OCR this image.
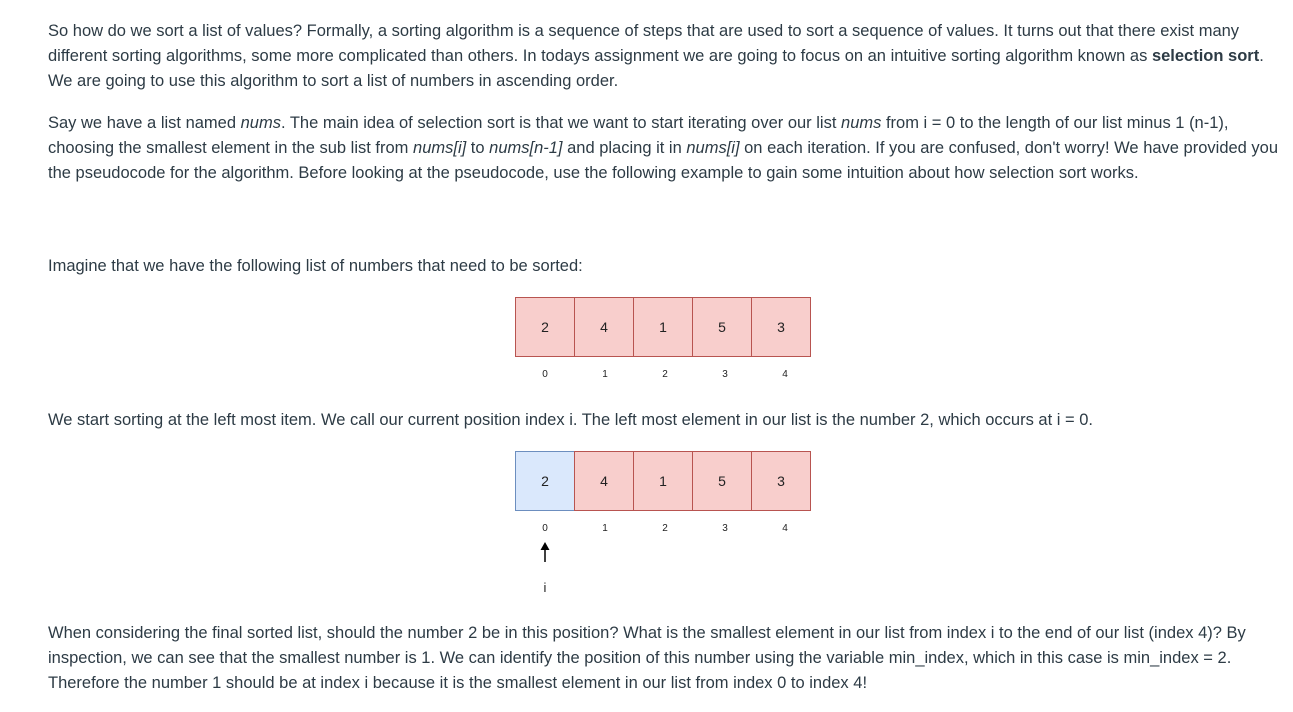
So how do we sort a list of values? Formally, a sorting algorithm is a sequence of steps that are used to sort a sequence of values. It turns out that there exist many different sorting algorithms, some more complicated than others. In todays assignment we are going to focus on an intuitive sorting algorithm known as selection sort. We are going to use this algorithm to sort a list of numbers in ascending order.

Say we have a list named nums. The main idea of selection sort is that we want to start iterating over our list nums from i = 0 to the length of our list minus 1 (n-1), choosing the smallest element in the sub list from nums[i] to nums[n-1] and placing it in nums[i] on each iteration. If you are confused, don't worry! We have provided you the pseudocode for the algorithm. Before looking at the pseudocode, use the following example to gain some intuition about how selection sort works.

Imagine that we have the following list of numbers that need to be sorted:

2	4	1	5	3
0	1	2	3	4

We start sorting at the left most item. We call our current position index i. The left most element in our list is the number 2, which occurs at i = 0.

2	4	1	5	3
0	1	2	3	4
i

When considering the final sorted list, should the number 2 be in this position? What is the smallest element in our list from index i to the end of our list (index 4)? By inspection, we can see that the smallest number is 1. We can identify the position of this number using the variable min_index, which in this case is min_index = 2. Therefore the number 1 should be at index i because it is the smallest element in our list from index 0 to index 4!
